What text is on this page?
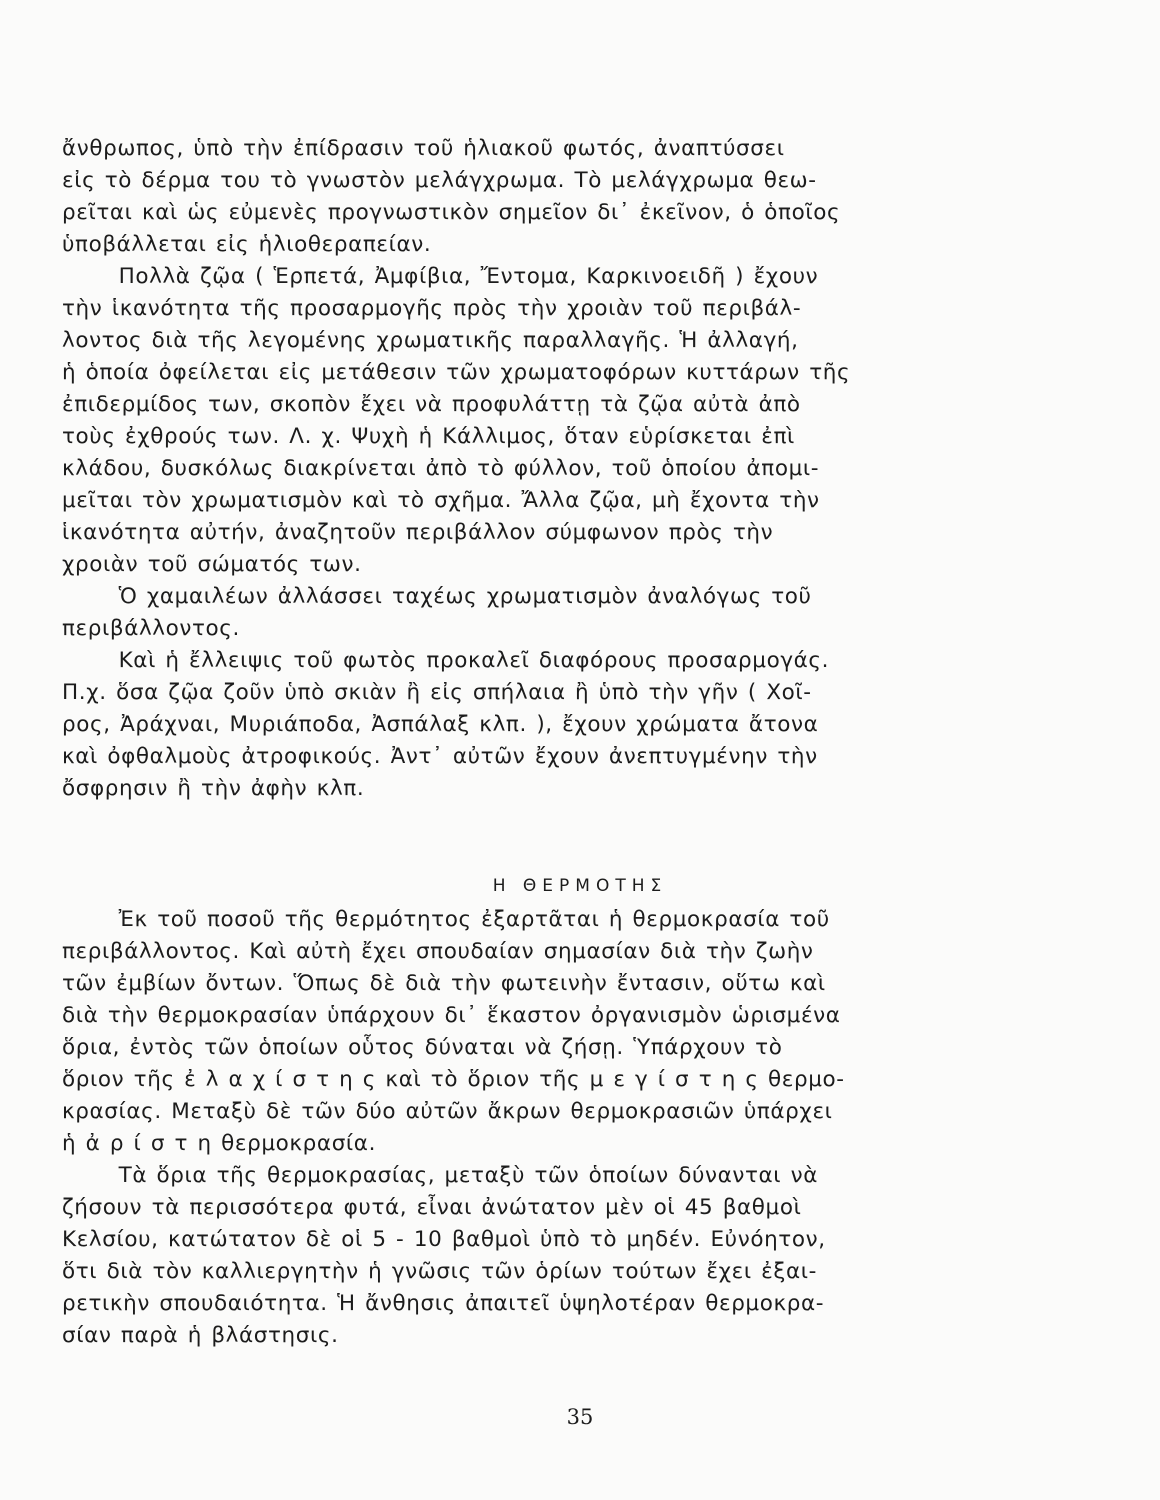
ἄνθρωπος, ὑπὸ τὴν ἐπίδρασιν τοῦ ἡλιακοῦ φωτός, ἀναπτύσσει
εἰς τὸ δέρμα του τὸ γνωστὸν μελάγχρωμα. Τὸ μελάγχρωμα θεω-
ρεῖται καὶ ὡς εὐμενὲς προγνωστικὸν σημεῖον δι᾽ ἐκεῖνον, ὁ ὁποῖος
ὑποβάλλεται εἰς ἡλιοθεραπείαν.
Πολλὰ ζῷα ( Ἑρπετά, Ἀμφίβια, Ἔντομα, Καρκινοειδῆ ) ἔχουν
τὴν ἱκανότητα τῆς προσαρμογῆς πρὸς τὴν χροιὰν τοῦ περιβάλ-
λοντος διὰ τῆς λεγομένης χρωματικῆς παραλλαγῆς. Ἡ ἀλλαγή,
ἡ ὁποία ὀφείλεται εἰς μετάθεσιν τῶν χρωματοφόρων κυττάρων τῆς
ἐπιδερμίδος των, σκοπὸν ἔχει νὰ προφυλάττῃ τὰ ζῷα αὐτὰ ἀπὸ
τοὺς ἐχθρούς των. Λ. χ. Ψυχὴ ἡ Κάλλιμος, ὅταν εὑρίσκεται ἐπὶ
κλάδου, δυσκόλως διακρίνεται ἀπὸ τὸ φύλλον, τοῦ ὁποίου ἀπομι-
μεῖται τὸν χρωματισμὸν καὶ τὸ σχῆμα. Ἄλλα ζῷα, μὴ ἔχοντα τὴν
ἱκανότητα αὐτήν, ἀναζητοῦν περιβάλλον σύμφωνον πρὸς τὴν
χροιὰν τοῦ σώματός των.
Ὁ χαμαιλέων ἀλλάσσει ταχέως χρωματισμὸν ἀναλόγως τοῦ
περιβάλλοντος.
Καὶ ἡ ἔλλειψις τοῦ φωτὸς προκαλεῖ διαφόρους προσαρμογάς.
Π.χ. ὅσα ζῷα ζοῦν ὑπὸ σκιὰν ἢ εἰς σπήλαια ἢ ὑπὸ τὴν γῆν ( Χοῖ-
ρος, Ἀράχναι, Μυριάποδα, Ἀσπάλαξ κλπ. ), ἔχουν χρώματα ἄτονα
καὶ ὀφθαλμοὺς ἀτροφικούς. Ἀντ᾽ αὐτῶν ἔχουν ἀνεπτυγμένην τὴν
ὄσφρησιν ἢ τὴν ἀφὴν κλπ.
Η ΘΕΡΜΟΤΗΣ
Ἐκ τοῦ ποσοῦ τῆς θερμότητος ἐξαρτᾶται ἡ θερμοκρασία τοῦ
περιβάλλοντος. Καὶ αὐτὴ ἔχει σπουδαίαν σημασίαν διὰ τὴν ζωὴν
τῶν ἐμβίων ὄντων. Ὅπως δὲ διὰ τὴν φωτεινὴν ἔντασιν, οὕτω καὶ
διὰ τὴν θερμοκρασίαν ὑπάρχουν δι᾽ ἕκαστον ὀργανισμὸν ὡρισμένα
ὅρια, ἐντὸς τῶν ὁποίων οὗτος δύναται νὰ ζήσῃ. Ὑπάρχουν τὸ
ὅριον τῆς ἐ λ α χ ί σ τ η ς καὶ τὸ ὅριον τῆς μ ε γ ί σ τ η ς θερμο-
κρασίας. Μεταξὺ δὲ τῶν δύο αὐτῶν ἄκρων θερμοκρασιῶν ὑπάρχει
ἡ ἀ ρ ί σ τ η θερμοκρασία.
Τὰ ὅρια τῆς θερμοκρασίας, μεταξὺ τῶν ὁποίων δύνανται νὰ
ζήσουν τὰ περισσότερα φυτά, εἶναι ἀνώτατον μὲν οἱ 45 βαθμοὶ
Κελσίου, κατώτατον δὲ οἱ 5 - 10 βαθμοὶ ὑπὸ τὸ μηδέν. Εὐνόητον,
ὅτι διὰ τὸν καλλιεργητὴν ἡ γνῶσις τῶν ὁρίων τούτων ἔχει ἐξαι-
ρετικὴν σπουδαιότητα. Ἡ ἄνθησις ἀπαιτεῖ ὑψηλοτέραν θερμοκρα-
σίαν παρὰ ἡ βλάστησις.
35
